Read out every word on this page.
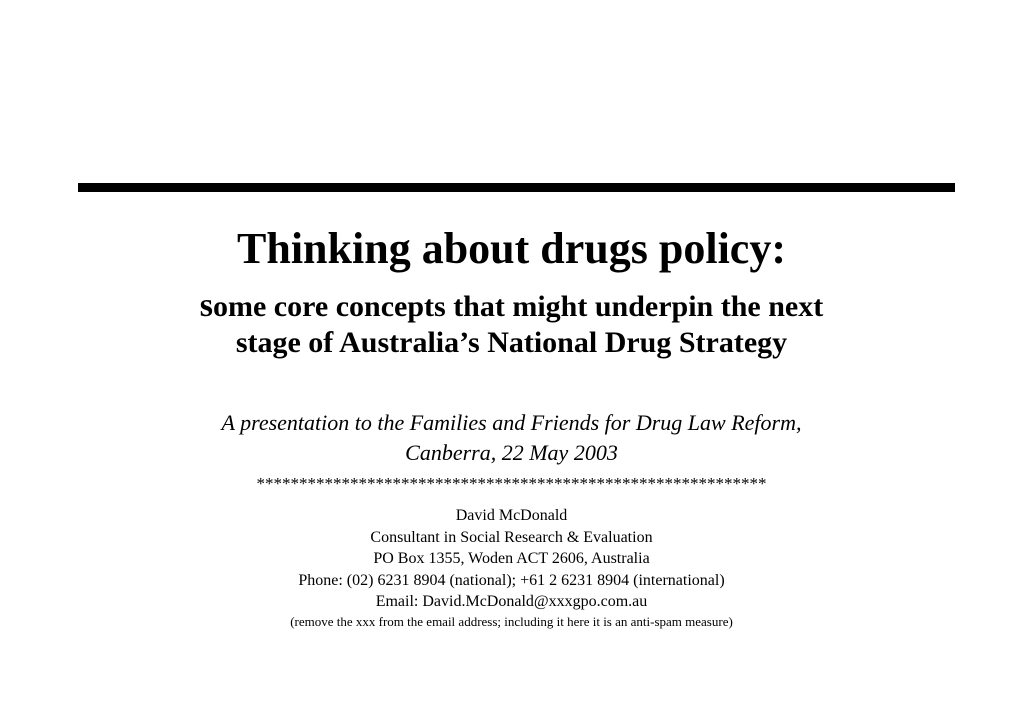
Thinking about drugs policy:
some core concepts that might underpin the next
stage of Australia’s National Drug Strategy
A presentation to the Families and Friends for Drug Law Reform,
Canberra, 22 May 2003
************************************************************
David McDonald
Consultant in Social Research & Evaluation
PO Box 1355, Woden ACT 2606, Australia
Phone: (02) 6231 8904 (national); +61 2 6231 8904 (international)
Email: David.McDonald@xxxgpo.com.au
(remove the xxx from the email address; including it here it is an anti-spam measure)
